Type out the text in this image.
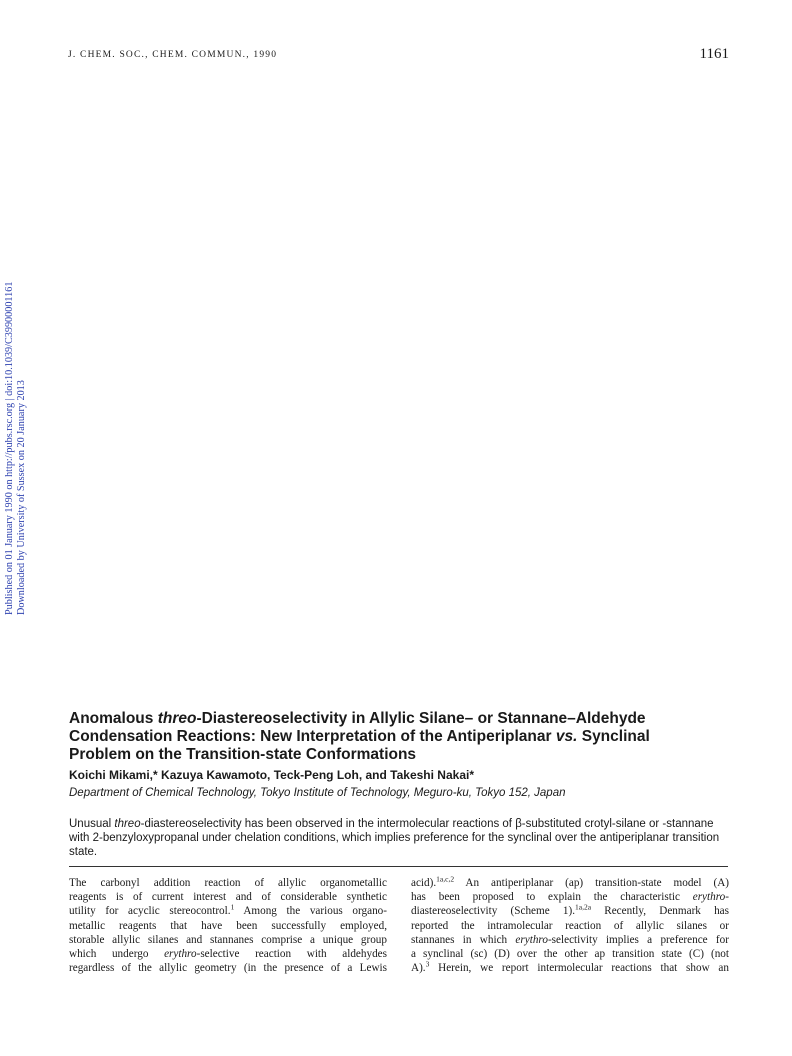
J. CHEM. SOC., CHEM. COMMUN., 1990	1161
Published on 01 January 1990 on http://pubs.rsc.org | doi:10.1039/C39900001161 Downloaded by University of Sussex on 20 January 2013
Anomalous threo-Diastereoselectivity in Allylic Silane– or Stannane–Aldehyde
Condensation Reactions: New Interpretation of the Antiperiplanar vs. Synclinal
Problem on the Transition-state Conformations
Koichi Mikami,* Kazuya Kawamoto, Teck-Peng Loh, and Takeshi Nakai*
Department of Chemical Technology, Tokyo Institute of Technology, Meguro-ku, Tokyo 152, Japan
Unusual threo-diastereoselectivity has been observed in the intermolecular reactions of β-substituted crotyl-silane or -stannane with 2-benzyloxypropanal under chelation conditions, which implies preference for the synclinal over the antiperiplanar transition state.
The carbonyl addition reaction of allylic organometallic
reagents is of current interest and of considerable synthetic
utility for acyclic stereocontrol.$^1$ Among the various organo-
metallic reagents that have been successfully employed,
storable allylic silanes and stannanes comprise a unique group
which undergo erythro-selective reaction with aldehydes
regardless of the allylic geometry (in the presence of a Lewis
acid).$^{1a,c,2}$ An antiperiplanar (ap) transition-state model (A)
has been proposed to explain the characteristic erythro-
diastereoselectivity (Scheme 1).$^{1a,2a}$ Recently, Denmark has
reported the intramolecular reaction of allylic silanes or
stannanes in which erythro-selectivity implies a preference for
a synclinal (sc) (D) over the other ap transition state (C) (not
A).$^3$ Herein, we report intermolecular reactions that show an
